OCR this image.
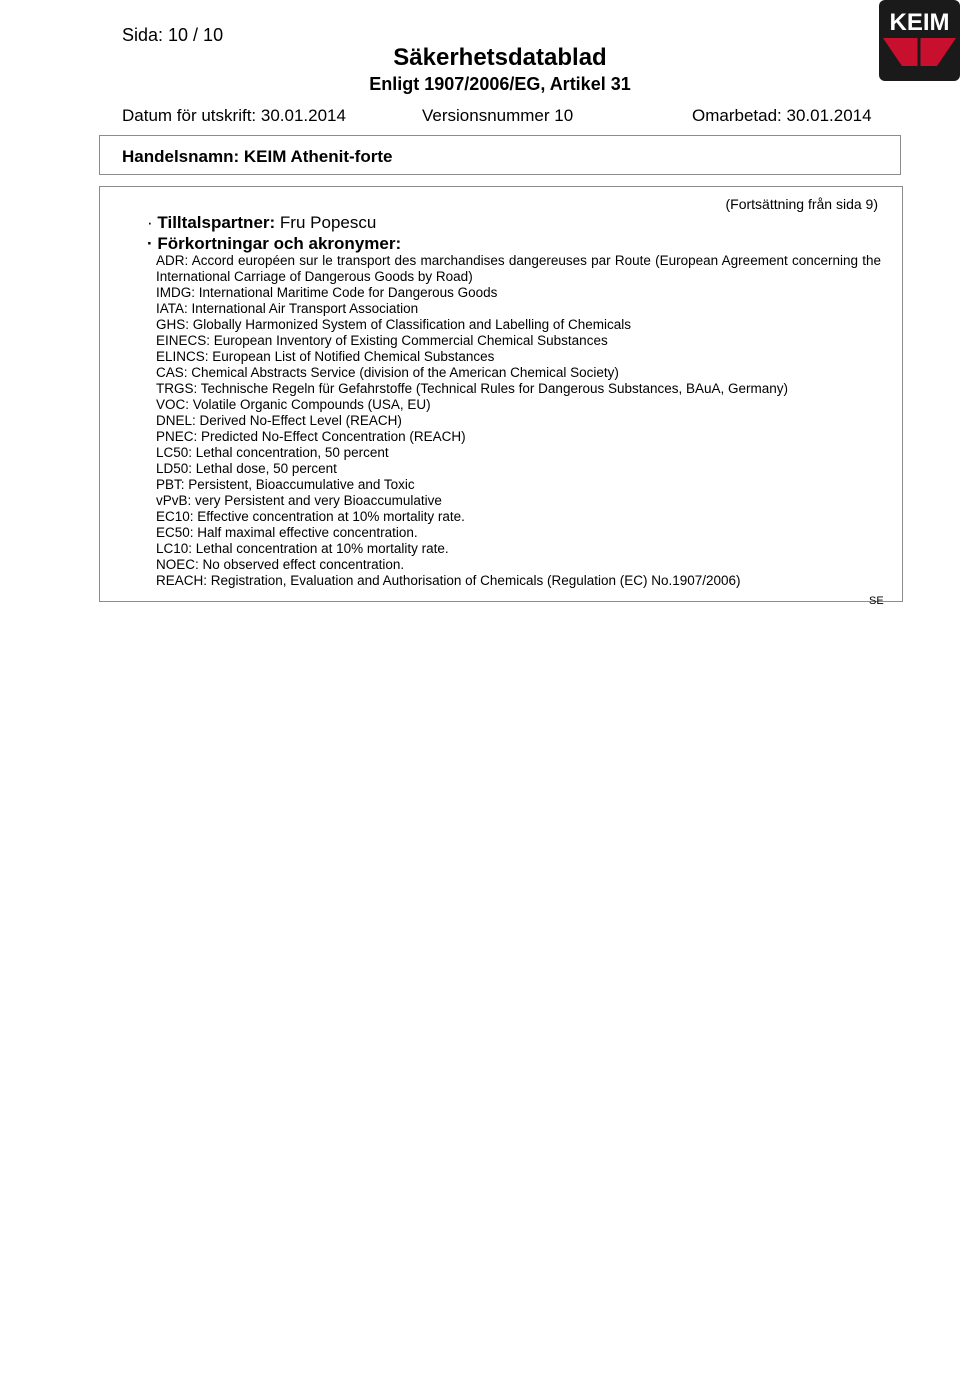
Sida: 10 / 10
Säkerhetsdatablad
Enligt 1907/2006/EG, Artikel 31
KEIM
Datum för utskrift: 30.01.2014	Versionsnummer 10	Omarbetad: 30.01.2014
Handelsnamn: KEIM Athenit-forte
(Fortsättning från sida 9)
· Tilltalspartner: Fru Popescu
· Förkortningar och akronymer:
ADR: Accord européen sur le transport des marchandises dangereuses par Route (European Agreement concerning the International Carriage of Dangerous Goods by Road)
IMDG: International Maritime Code for Dangerous Goods
IATA: International Air Transport Association
GHS: Globally Harmonized System of Classification and Labelling of Chemicals
EINECS: European Inventory of Existing Commercial Chemical Substances
ELINCS: European List of Notified Chemical Substances
CAS: Chemical Abstracts Service (division of the American Chemical Society)
TRGS: Technische Regeln für Gefahrstoffe (Technical Rules for Dangerous Substances, BAuA, Germany)
VOC: Volatile Organic Compounds (USA, EU)
DNEL: Derived No-Effect Level (REACH)
PNEC: Predicted No-Effect Concentration (REACH)
LC50: Lethal concentration, 50 percent
LD50: Lethal dose, 50 percent
PBT: Persistent, Bioaccumulative and Toxic
vPvB: very Persistent and very Bioaccumulative
EC10: Effective concentration at 10% mortality rate.
EC50: Half maximal effective concentration.
LC10: Lethal concentration at 10% mortality rate.
NOEC: No observed effect concentration.
REACH: Registration, Evaluation and Authorisation of Chemicals (Regulation (EC) No.1907/2006)
SE
